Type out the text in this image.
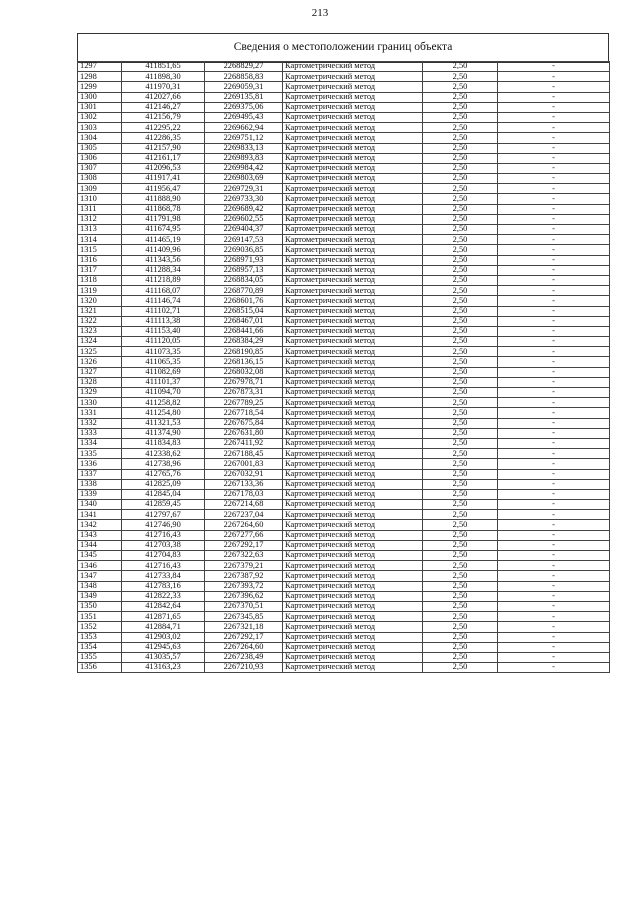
213
Сведения о местоположении границ объекта
1297	411851,65	2268829,27	Картометрический метод	2,50	-
1298	411898,30	2268858,83	Картометрический метод	2,50	-
1299	411970,31	2269059,31	Картометрический метод	2,50	-
1300	412027,66	2269135,81	Картометрический метод	2,50	-
1301	412146,27	2269375,06	Картометрический метод	2,50	-
1302	412156,79	2269495,43	Картометрический метод	2,50	-
1303	412295,22	2269662,94	Картометрический метод	2,50	-
1304	412286,35	2269751,12	Картометрический метод	2,50	-
1305	412157,90	2269833,13	Картометрический метод	2,50	-
1306	412161,17	2269893,83	Картометрический метод	2,50	-
1307	412096,53	2269984,42	Картометрический метод	2,50	-
1308	411917,41	2269803,69	Картометрический метод	2,50	-
1309	411956,47	2269729,31	Картометрический метод	2,50	-
1310	411888,90	2269733,30	Картометрический метод	2,50	-
1311	411868,78	2269689,42	Картометрический метод	2,50	-
1312	411791,98	2269602,55	Картометрический метод	2,50	-
1313	411674,95	2269404,37	Картометрический метод	2,50	-
1314	411465,19	2269147,53	Картометрический метод	2,50	-
1315	411409,96	2269036,85	Картометрический метод	2,50	-
1316	411343,56	2268971,93	Картометрический метод	2,50	-
1317	411288,34	2268957,13	Картометрический метод	2,50	-
1318	411218,89	2268834,05	Картометрический метод	2,50	-
1319	411168,07	2268770,89	Картометрический метод	2,50	-
1320	411146,74	2268601,76	Картометрический метод	2,50	-
1321	411102,71	2268515,04	Картометрический метод	2,50	-
1322	411113,38	2268467,01	Картометрический метод	2,50	-
1323	411153,40	2268441,66	Картометрический метод	2,50	-
1324	411120,05	2268384,29	Картометрический метод	2,50	-
1325	411073,35	2268190,85	Картометрический метод	2,50	-
1326	411065,35	2268136,15	Картометрический метод	2,50	-
1327	411082,69	2268032,08	Картометрический метод	2,50	-
1328	411101,37	2267978,71	Картометрический метод	2,50	-
1329	411094,70	2267873,31	Картометрический метод	2,50	-
1330	411258,82	2267789,25	Картометрический метод	2,50	-
1331	411254,80	2267718,54	Картометрический метод	2,50	-
1332	411321,53	2267675,84	Картометрический метод	2,50	-
1333	411374,90	2267631,80	Картометрический метод	2,50	-
1334	411834,83	2267411,92	Картометрический метод	2,50	-
1335	412338,62	2267188,45	Картометрический метод	2,50	-
1336	412738,96	2267001,83	Картометрический метод	2,50	-
1337	412765,76	2267032,91	Картометрический метод	2,50	-
1338	412825,09	2267133,36	Картометрический метод	2,50	-
1339	412845,04	2267178,03	Картометрический метод	2,50	-
1340	412859,45	2267214,68	Картометрический метод	2,50	-
1341	412797,67	2267237,04	Картометрический метод	2,50	-
1342	412746,90	2267264,60	Картометрический метод	2,50	-
1343	412716,43	2267277,66	Картометрический метод	2,50	-
1344	412703,38	2267292,17	Картометрический метод	2,50	-
1345	412704,83	2267322,63	Картометрический метод	2,50	-
1346	412716,43	2267379,21	Картометрический метод	2,50	-
1347	412733,84	2267387,92	Картометрический метод	2,50	-
1348	412783,16	2267393,72	Картометрический метод	2,50	-
1349	412822,33	2267396,62	Картометрический метод	2,50	-
1350	412842,64	2267370,51	Картометрический метод	2,50	-
1351	412871,65	2267345,85	Картометрический метод	2,50	-
1352	412884,71	2267321,18	Картометрический метод	2,50	-
1353	412903,02	2267292,17	Картометрический метод	2,50	-
1354	412945,63	2267264,60	Картометрический метод	2,50	-
1355	413035,57	2267238,49	Картометрический метод	2,50	-
1356	413163,23	2267210,93	Картометрический метод	2,50	-
